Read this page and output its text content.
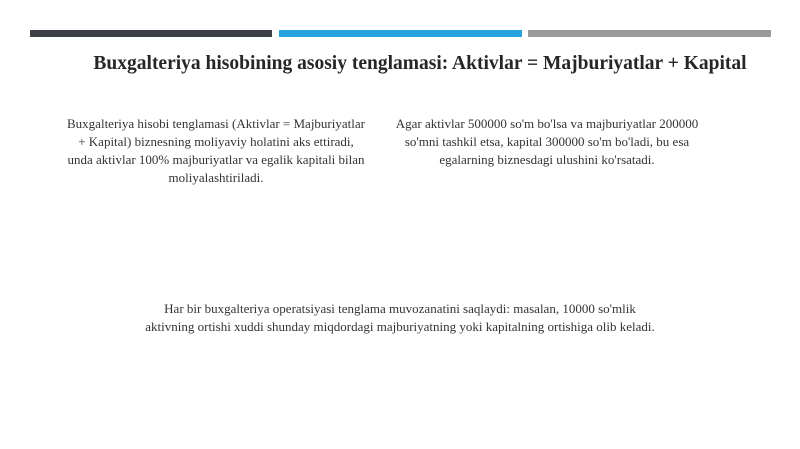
Buxgalteriya hisobining asosiy tenglamasi: Aktivlar = Majburiyatlar + Kapital
Buxgalteriya hisobi tenglamasi (Aktivlar = Majburiyatlar + Kapital) biznesning moliyaviy holatini aks ettiradi, unda aktivlar 100% majburiyatlar va egalik kapitali bilan moliyalashtiriladi.
Agar aktivlar 500000 so'm bo'lsa va majburiyatlar 200000 so'mni tashkil etsa, kapital 300000 so'm bo'ladi, bu esa egalarning biznesdagi ulushini ko'rsatadi.
Har bir buxgalteriya operatsiyasi tenglama muvozanatini saqlaydi: masalan, 10000 so'mlik aktivning ortishi xuddi shunday miqdordagi majburiyatning yoki kapitalning ortishiga olib keladi.
